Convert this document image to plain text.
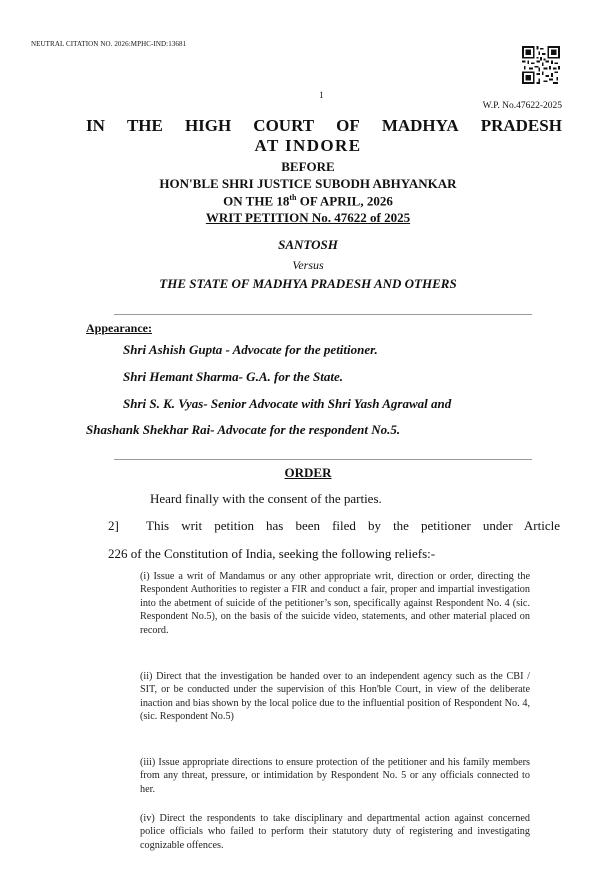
NEUTRAL CITATION NO. 2026:MPHC-IND:13681
1
W.P. No.47622-2025
IN THE HIGH COURT OF MADHYA PRADESH
AT INDORE
BEFORE
HON'BLE SHRI JUSTICE SUBODH ABHYANKAR
ON THE 18th OF APRIL, 2026
WRIT PETITION No. 47622 of 2025
SANTOSH
Versus
THE STATE OF MADHYA PRADESH AND OTHERS
Appearance:
Shri Ashish Gupta - Advocate for the petitioner.
Shri Hemant Sharma- G.A. for the State.
Shri S. K. Vyas- Senior Advocate with Shri Yash Agrawal and
Shashank Shekhar Rai- Advocate for the respondent No.5.
ORDER
Heard finally with the consent of the parties.
2] This writ petition has been filed by the petitioner under Article
226 of the Constitution of India, seeking the following reliefs:-
(i) Issue a writ of Mandamus or any other appropriate writ, direction or order, directing the Respondent Authorities to register a FIR and conduct a fair, proper and impartial investigation into the abetment of suicide of the petitioner’s son, specifically against Respondent No. 4 (sic. Respondent No.5), on the basis of the suicide video, statements, and other material placed on record.
(ii) Direct that the investigation be handed over to an independent agency such as the CBI / SIT, or be conducted under the supervision of this Hon'ble Court, in view of the deliberate inaction and bias shown by the local police due to the influential position of Respondent No. 4, (sic. Respondent No.5)
(iii) Issue appropriate directions to ensure protection of the petitioner and his family members from any threat, pressure, or intimidation by Respondent No. 5 or any officials connected to her.
(iv) Direct the respondents to take disciplinary and departmental action against concerned police officials who failed to perform their statutory duty of registering and investigating cognizable offences.
